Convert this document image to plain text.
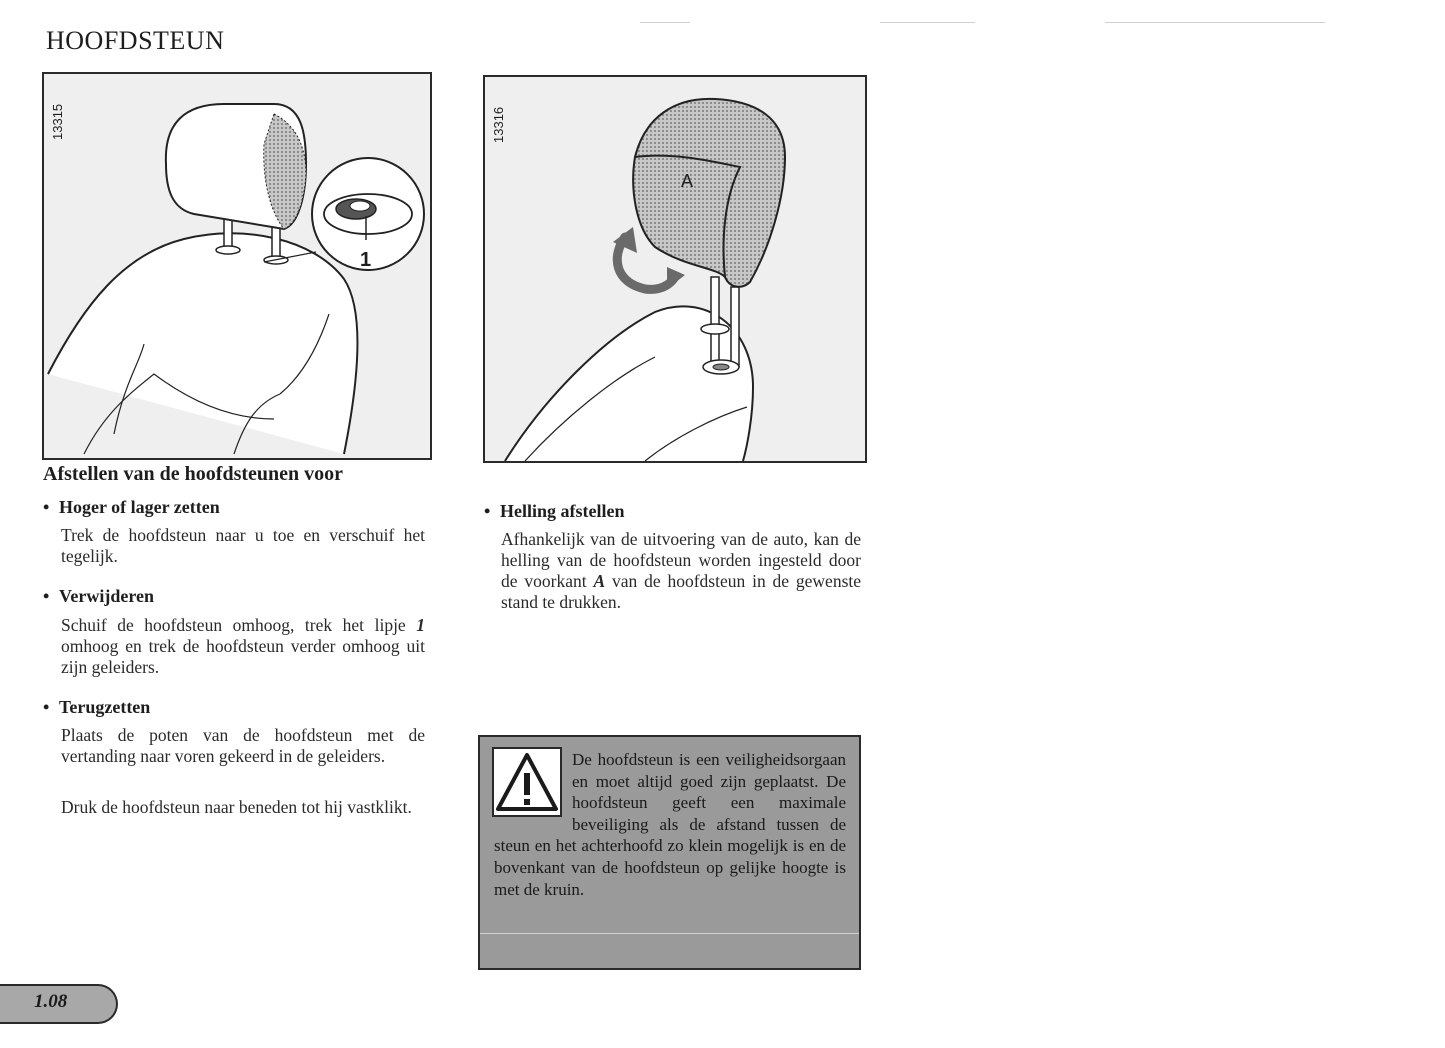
HOOFDSTEUN
1
13315
A
13316
Afstellen van de hoofdsteunen voor
• Hoger of lager zetten

Trek de hoofdsteun naar u toe en verschuif het tegelijk.

• Verwijderen

Schuif de hoofdsteun omhoog, trek het lipje 1 omhoog en trek de hoofdsteun verder omhoog uit zijn geleiders.

• Terugzetten

Plaats de poten van de hoofdsteun met de vertanding naar voren gekeerd in de geleiders.

Druk de hoofdsteun naar beneden tot hij vastklikt.

• Helling afstellen

Afhankelijk van de uitvoering van de auto, kan de helling van de hoofdsteun worden ingesteld door de voorkant A van de hoofdsteun in de gewenste stand te drukken.

De hoofdsteun is een veiligheidsorgaan en moet altijd goed zijn geplaatst. De hoofdsteun geeft een maximale beveiliging als de afstand tussen de steun en het achterhoofd zo klein mogelijk is en de bovenkant van de hoofdsteun op gelijke hoogte is met de kruin.
1.08
